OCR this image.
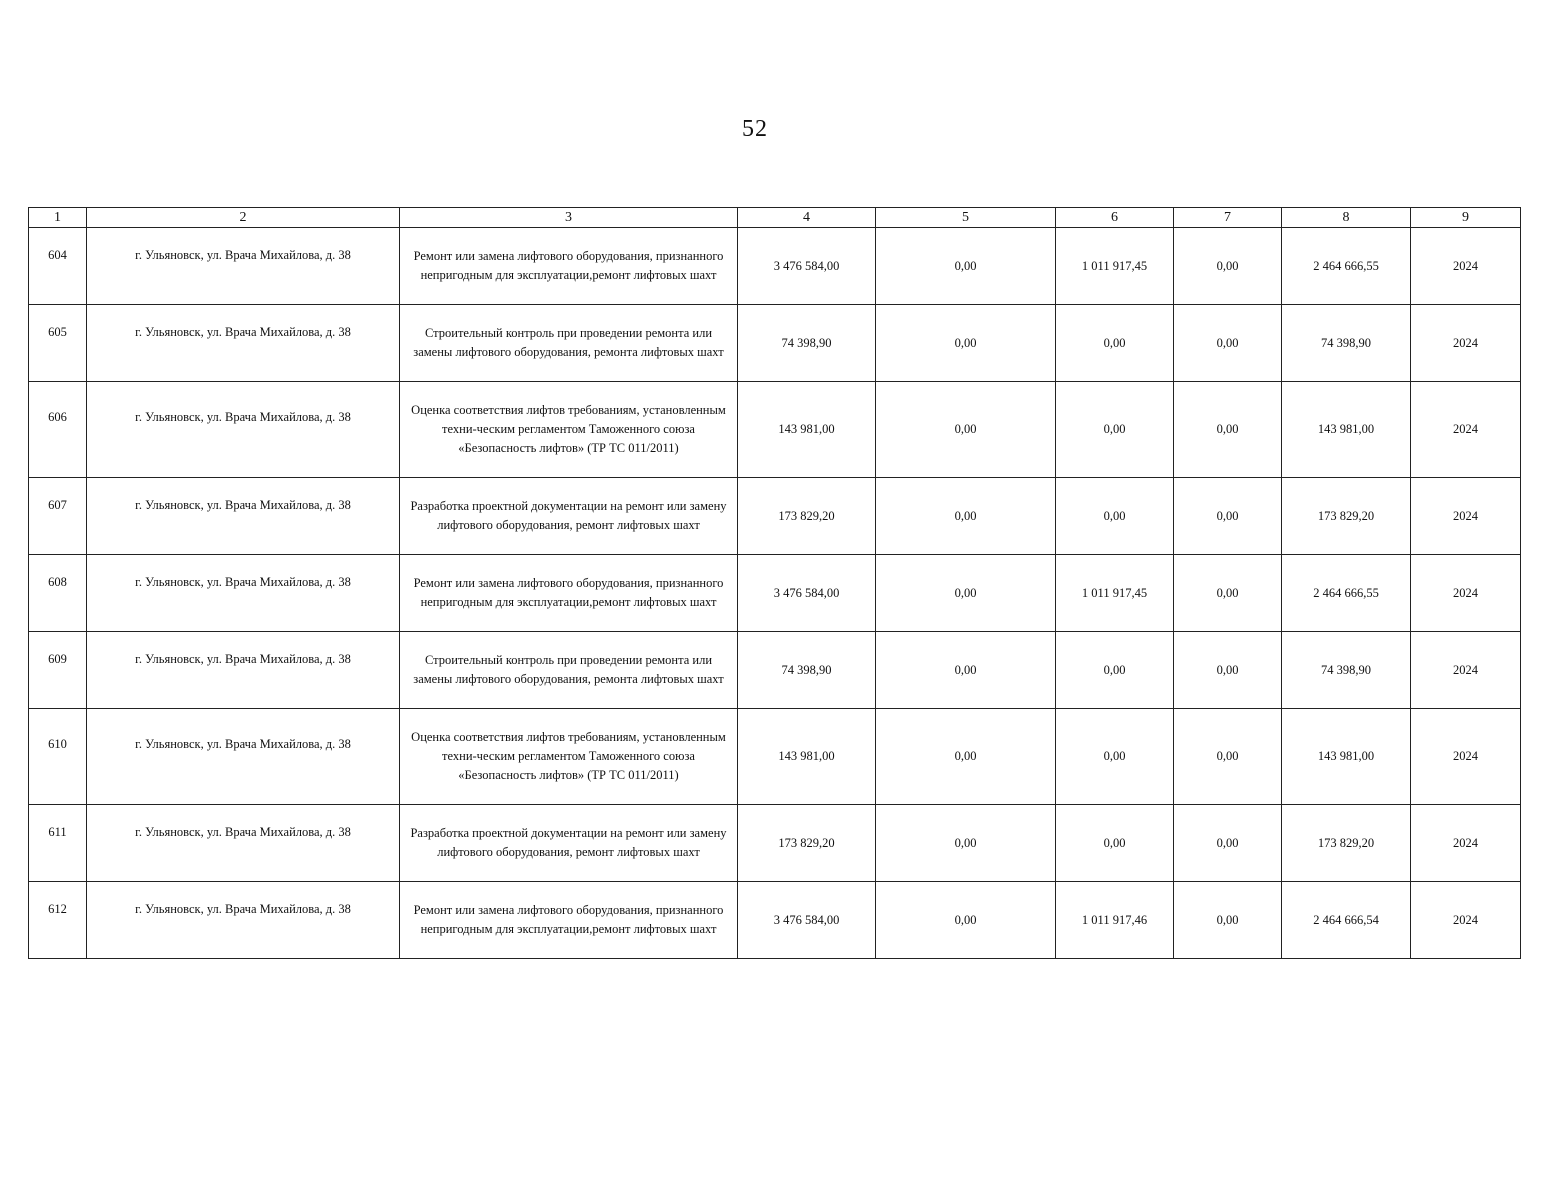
52
1	2	3	4	5	6	7	8	9
604	г. Ульяновск, ул. Врача Михайлова, д. 38	Ремонт или замена лифтового оборудования, признанного непригодным для эксплуатации,ремонт лифтовых шахт	3 476 584,00	0,00	1 011 917,45	0,00	2 464 666,55	2024
605	г. Ульяновск, ул. Врача Михайлова, д. 38	Строительный контроль при проведении ремонта или замены лифтового оборудования, ремонта лифтовых шахт	74 398,90	0,00	0,00	0,00	74 398,90	2024
606	г. Ульяновск, ул. Врача Михайлова, д. 38	Оценка соответствия лифтов требованиям, установленным техни-ческим регламентом Таможенного союза «Безопасность лифтов» (ТР ТС 011/2011)	143 981,00	0,00	0,00	0,00	143 981,00	2024
607	г. Ульяновск, ул. Врача Михайлова, д. 38	Разработка проектной документации на ремонт или замену лифтового оборудования, ремонт лифтовых шахт	173 829,20	0,00	0,00	0,00	173 829,20	2024
608	г. Ульяновск, ул. Врача Михайлова, д. 38	Ремонт или замена лифтового оборудования, признанного непригодным для эксплуатации,ремонт лифтовых шахт	3 476 584,00	0,00	1 011 917,45	0,00	2 464 666,55	2024
609	г. Ульяновск, ул. Врача Михайлова, д. 38	Строительный контроль при проведении ремонта или замены лифтового оборудования, ремонта лифтовых шахт	74 398,90	0,00	0,00	0,00	74 398,90	2024
610	г. Ульяновск, ул. Врача Михайлова, д. 38	Оценка соответствия лифтов требованиям, установленным техни-ческим регламентом Таможенного союза «Безопасность лифтов» (ТР ТС 011/2011)	143 981,00	0,00	0,00	0,00	143 981,00	2024
611	г. Ульяновск, ул. Врача Михайлова, д. 38	Разработка проектной документации на ремонт или замену лифтового оборудования, ремонт лифтовых шахт	173 829,20	0,00	0,00	0,00	173 829,20	2024
612	г. Ульяновск, ул. Врача Михайлова, д. 38	Ремонт или замена лифтового оборудования, признанного непригодным для эксплуатации,ремонт лифтовых шахт	3 476 584,00	0,00	1 011 917,46	0,00	2 464 666,54	2024
